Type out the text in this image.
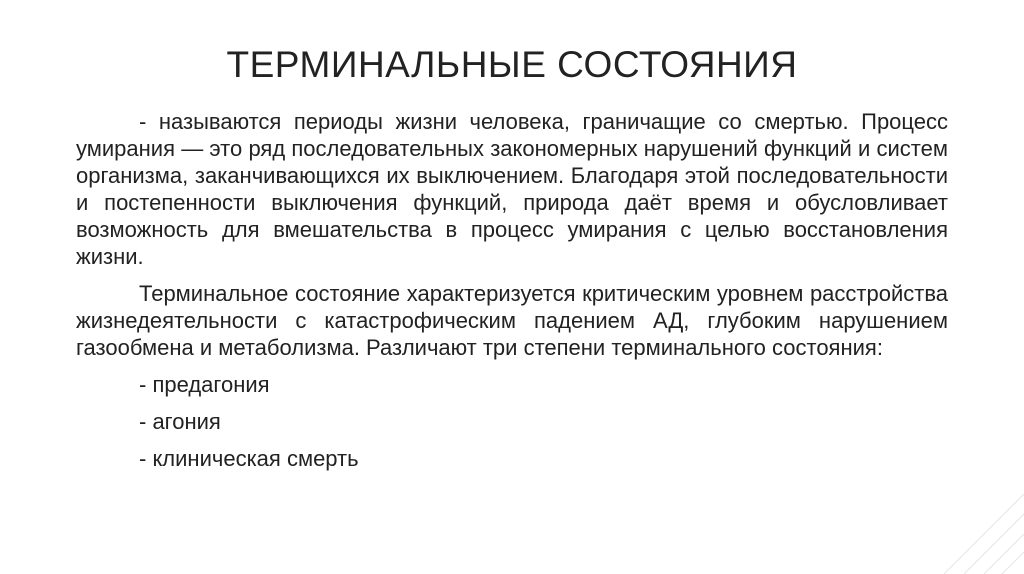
ТЕРМИНАЛЬНЫЕ СОСТОЯНИЯ

- называются периоды жизни человека, граничащие со смертью. Процесс умирания — это ряд последовательных закономерных нарушений функций и систем организма, заканчивающихся их выключением. Благодаря этой последовательности и постепенности выключения функций, природа даёт время и обусловливает возможность для вмешательства в процесс умирания с целью восстановления жизни.

Терминальное состояние характеризуется критическим уровнем расстройства жизнедеятельности с катастрофическим падением АД, глубоким нарушением газообмена и метаболизма. Различают три степени терминального состояния:

- предагония
- агония
- клиническая смерть
